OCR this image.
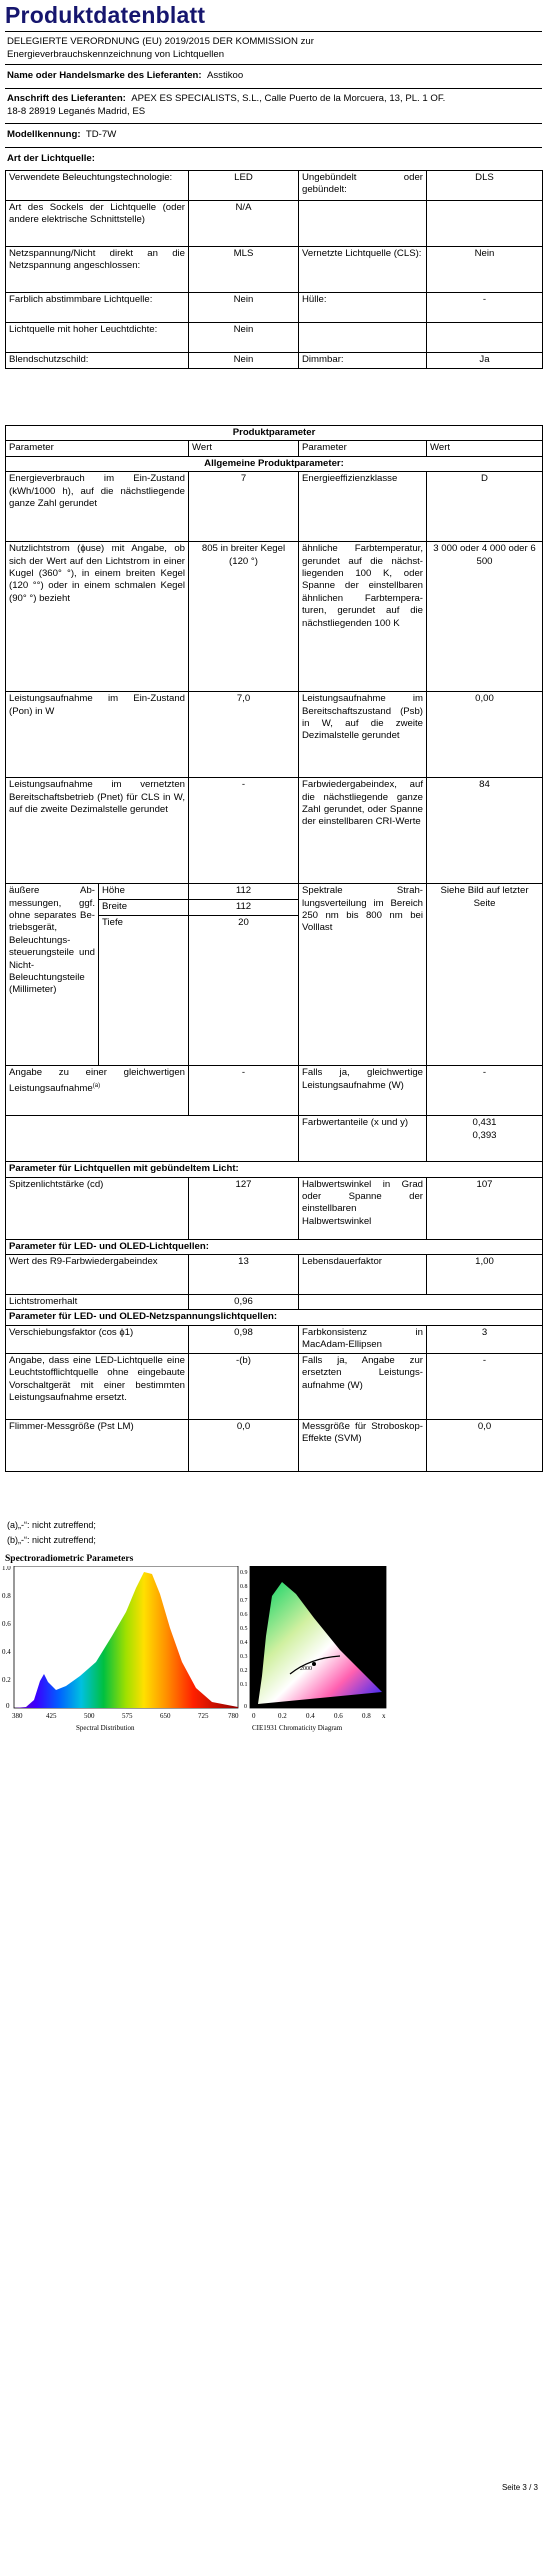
Produktdatenblatt
DELEGIERTE VERORDNUNG (EU) 2019/2015 DER KOMMISSION zur
Energieverbrauchskennzeichnung von Lichtquellen
Name oder Handelsmarke des Lieferanten: Asstikoo
Anschrift des Lieferanten: APEX ES SPECIALISTS, S.L., Calle Puerto de la Morcuera, 13, PL. 1 OF.
18-8 28919 Leganés Madrid, ES
Modellkennung: TD-7W
Art der Lichtquelle:
Verwendete Beleuchtungstechnologie:	LED	Ungebündelt oder gebündelt:	DLS
Art des Sockels der Lichtquelle (oder andere elektrische Schnittstelle)	N/A		
Netzspannung/Nicht direkt an die Netzspannung angeschlossen:	MLS	Vernetzte Lichtquelle (CLS):	Nein
Farblich abstimmbare Lichtquelle:	Nein	Hülle:	-
Lichtquelle mit hoher Leuchtdichte:	Nein		
Blendschutzschild:	Nein	Dimmbar:	Ja
Produktparameter				
Parameter		Wert	Parameter	Wert
Allgemeine Produktparameter:				
Energieverbrauch im Ein-Zustand (kWh/1000 h), auf die nächstliegende ganze Zahl gerundet		7	Energieeffizienzklasse	D
Nutzlichtstrom (ɸuse) mit Angabe, ob sich der Wert auf den Lichtstrom in einer Kugel (360° °), in einem breiten Kegel (120 °°) oder in einem schmalen Kegel (90° °) bezieht		805 in breiter Kegel (120 °)	ähnliche Farbtemperatur, gerundet auf die nächstliegenden 100 K, oder Spanne der einstellbaren ähnlichen Farbtemperaturen, gerundet auf die nächstliegenden 100 K	3 000 oder 4 000 oder 6 500
Leistungsaufnahme im Ein-Zustand (Pon) in W		7,0	Leistungsaufnahme im Bereitschaftszustand (Psb) in W, auf die zweite Dezimalstelle gerundet	0,00
Leistungsaufnahme im vernetzten Bereitschaftsbetrieb (Pnet) für CLS in W, auf die zweite Dezimalstelle gerundet		-	Farbwiedergabeindex, auf die nächstliegende ganze Zahl gerundet, oder Spanne der einstellbaren CRI-Werte	84
äußere Abmessungen, ggf. ohne separates Betriebsgerät, Beleuchtungssteuerungsteile und Nicht-Beleuchtungsteile (Millimeter)	Höhe	112	Spektrale Strahlungsverteilung im Bereich 250 nm bis 800 nm bei Volllast	Siehe Bild auf letzter Seite
	Breite	112		
	Tiefe	20		
Angabe zu einer gleichwertigen Leistungsaufnahme$^{(a)}$		-	Falls ja, gleichwertige Leistungsaufnahme (W)	-
			Farbwertanteile (x und y)	0,431
0,393
Parameter für Lichtquellen mit gebündeltem Licht:				
Spitzenlichtstärke (cd)		127	Halbwertswinkel in Grad oder Spanne der einstellbaren Halbwertswinkel	107
Parameter für LED- und OLED-Lichtquellen:				
Wert des R9-Farbwiedergabeindex		13	Lebensdauerfaktor	1,00
Lichtstromerhalt		0,96		
Parameter für LED- und OLED-Netzspannungslichtquellen:				
Verschiebungsfaktor (cos ɸ1)		0,98	Farbkonsistenz in MacAdam-Ellipsen	3
Angabe, dass eine LED-Lichtquelle eine Leuchtstofflichtquelle ohne eingebaute Vorschaltgerät mit einer bestimmten Leistungsaufnahme ersetzt.		-(b)	Falls ja, Angabe zur ersetzten Leistungsaufnahme (W)	-
Flimmer-Messgröße (Pst LM)		0,0	Messgröße für Stroboskop-Effekte (SVM)	0,0
(a)„-“: nicht zutreffend;
(b)„-“: nicht zutreffend;
Spectroradiometric Parameters
1.0
0.8
0.6
0.4
0.2
0
380	425	500	575	650	725	780
Spectral Distribution
2000
0.9
0.8
0.7
0.6
0.5
0.4
0.3
0.2
0.1
0
0	0.2	0.4	0.6	0.8 x
CIE1931 Chromaticity Diagram
Seite 3 / 3
